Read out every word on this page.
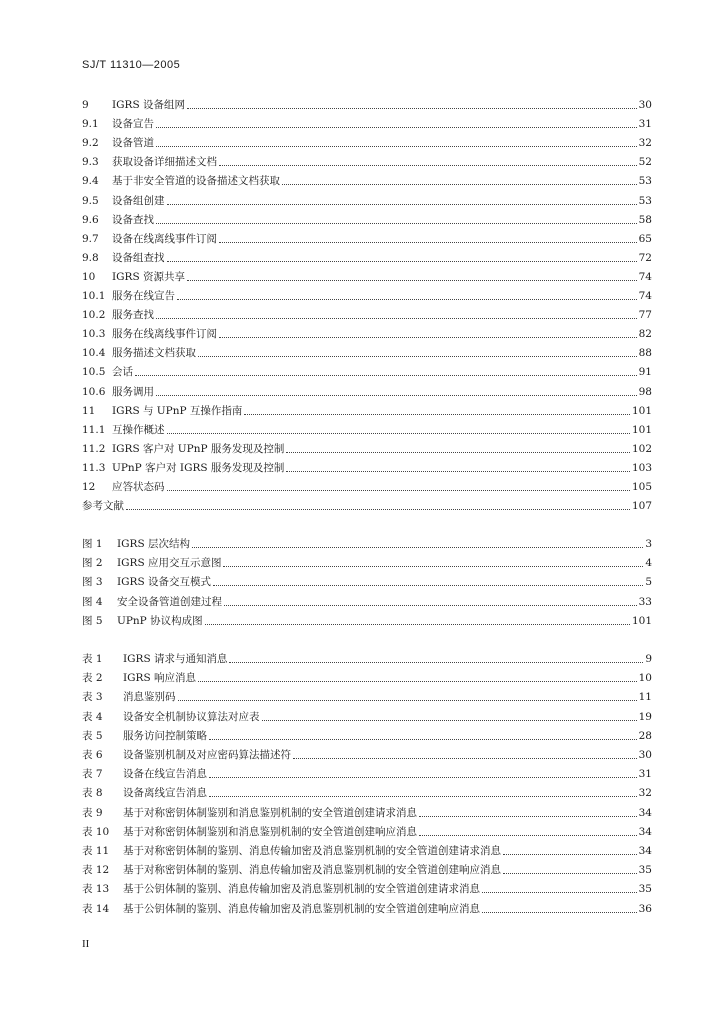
SJ/T 11310—2005
9	IGRS 设备组网	30
9.1	设备宣告	31
9.2	设备管道	32
9.3	获取设备详细描述文档	52
9.4	基于非安全管道的设备描述文档获取	53
9.5	设备组创建	53
9.6	设备查找	58
9.7	设备在线离线事件订阅	65
9.8	设备组查找	72
10	IGRS 资源共享	74
10.1 服务在线宣告	74
10.2 服务查找	77
10.3 服务在线离线事件订阅	82
10.4 服务描述文档获取	88
10.5 会话	91
10.6 服务调用	98
11	IGRS 与 UPnP 互操作指南	101
11.1 互操作概述	101
11.2 IGRS 客户对 UPnP 服务发现及控制	102
11.3 UPnP 客户对 IGRS 服务发现及控制	103
12	应答状态码	105
参考文献	107
图 1	IGRS 层次结构	3
图 2	IGRS 应用交互示意图	4
图 3	IGRS 设备交互模式	5
图 4	安全设备管道创建过程	33
图 5	UPnP 协议构成图	101
表 1	IGRS 请求与通知消息	9
表 2	IGRS 响应消息	10
表 3	消息鉴别码	11
表 4	设备安全机制协议算法对应表	19
表 5	服务访问控制策略	28
表 6	设备鉴别机制及对应密码算法描述符	30
表 7	设备在线宣告消息	31
表 8	设备离线宣告消息	32
表 9	基于对称密钥体制鉴别和消息鉴别机制的安全管道创建请求消息	34
表 10	基于对称密钥体制鉴别和消息鉴别机制的安全管道创建响应消息	34
表 11	基于对称密钥体制的鉴别、消息传输加密及消息鉴别机制的安全管道创建请求消息	34
表 12	基于对称密钥体制的鉴别、消息传输加密及消息鉴别机制的安全管道创建响应消息	35
表 13	基于公钥体制的鉴别、消息传输加密及消息鉴别机制的安全管道创建请求消息	35
表 14	基于公钥体制的鉴别、消息传输加密及消息鉴别机制的安全管道创建响应消息	36
II
